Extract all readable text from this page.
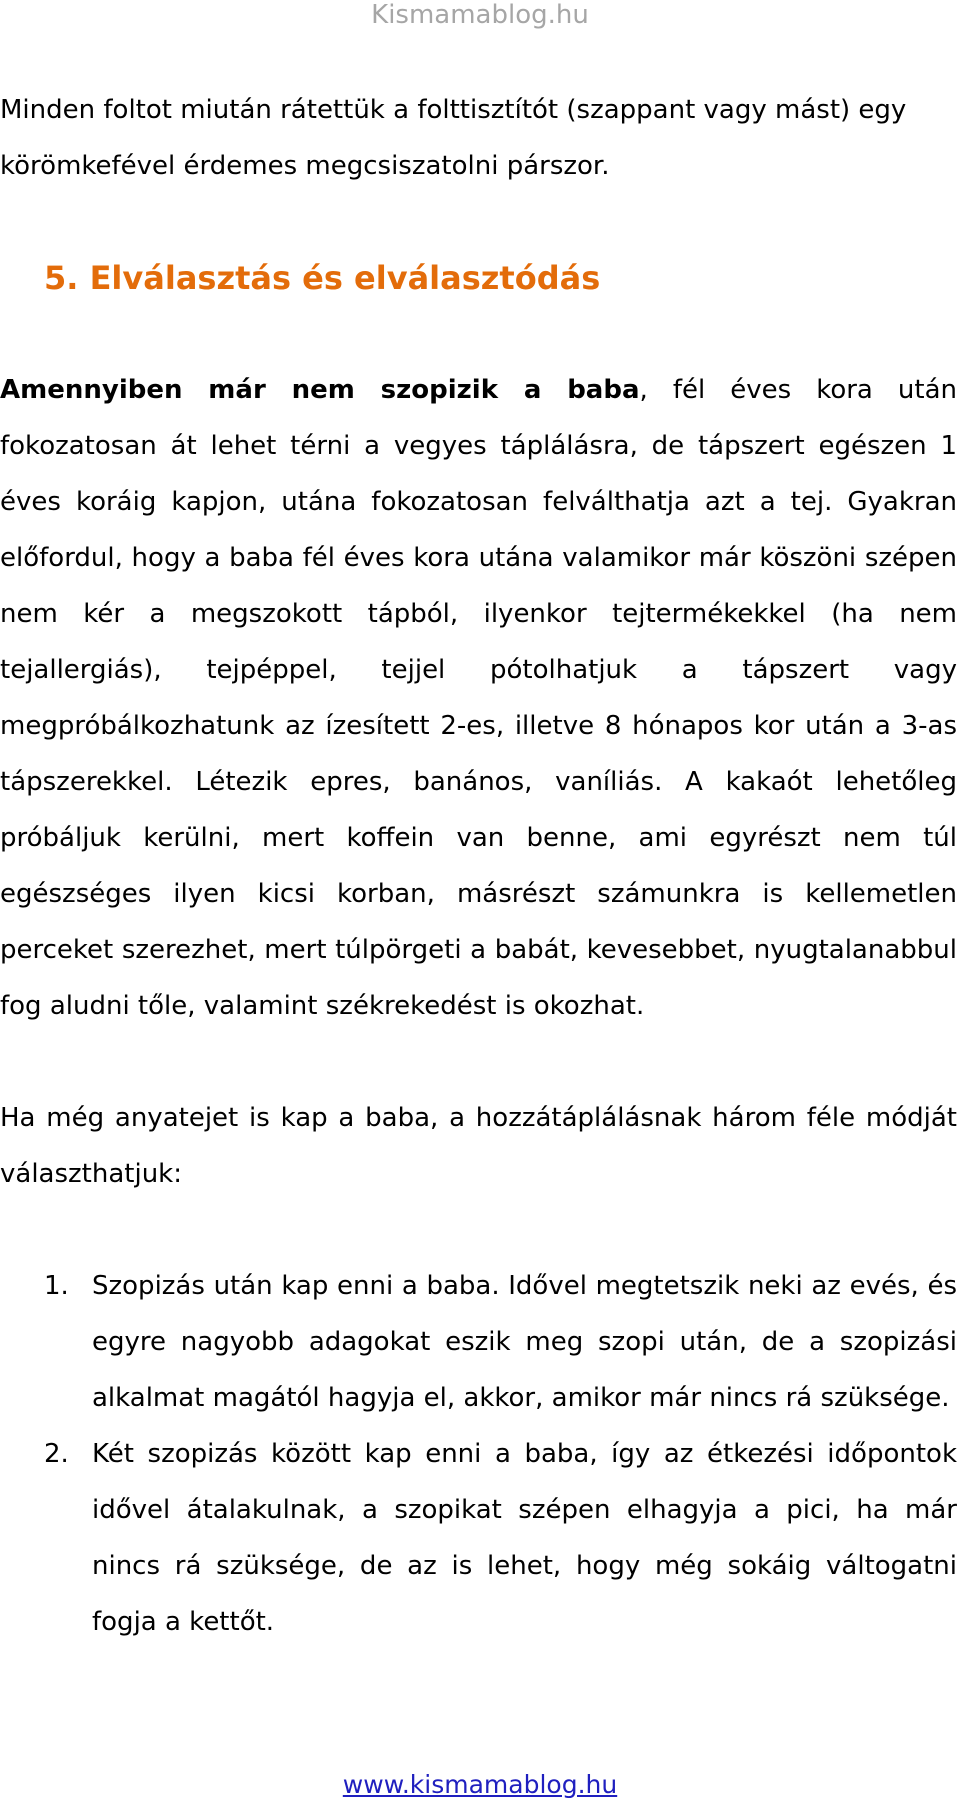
Kismamablog.hu

Minden foltot miután rátettük a folttisztítót (szappant vagy mást) egy körömkefével érdemes megcsiszatolni párszor.

5. Elválasztás és elválasztódás

Amennyiben már nem szopizik a baba, fél éves kora után fokozatosan át lehet térni a vegyes táplálásra, de tápszert egészen 1 éves koráig kapjon, utána fokozatosan felválthatja azt a tej. Gyakran előfordul, hogy a baba fél éves kora utána valamikor már köszöni szépen nem kér a megszokott tápból, ilyenkor tejtermékekkel (ha nem tejallergiás), tejpéppel, tejjel pótolhatjuk a tápszert vagy megpróbálkozhatunk az ízesített 2-es, illetve 8 hónapos kor után a 3-as tápszerekkel. Létezik epres, banános, vaníliás. A kakaót lehetőleg próbáljuk kerülni, mert koffein van benne, ami egyrészt nem túl egészséges ilyen kicsi korban, másrészt számunkra is kellemetlen perceket szerezhet, mert túlpörgeti a babát, kevesebbet, nyugtalanabbul fog aludni tőle, valamint székrekedést is okozhat.

Ha még anyatejet is kap a baba, a hozzátáplálásnak három féle módját választhatjuk:

1. Szopizás után kap enni a baba. Idővel megtetszik neki az evés, és egyre nagyobb adagokat eszik meg szopi után, de a szopizási alkalmat magától hagyja el, akkor, amikor már nincs rá szüksége.
2. Két szopizás között kap enni a baba, így az étkezési időpontok idővel átalakulnak, a szopikat szépen elhagyja a pici, ha már nincs rá szüksége, de az is lehet, hogy még sokáig váltogatni fogja a kettőt.
www.kismamablog.hu
